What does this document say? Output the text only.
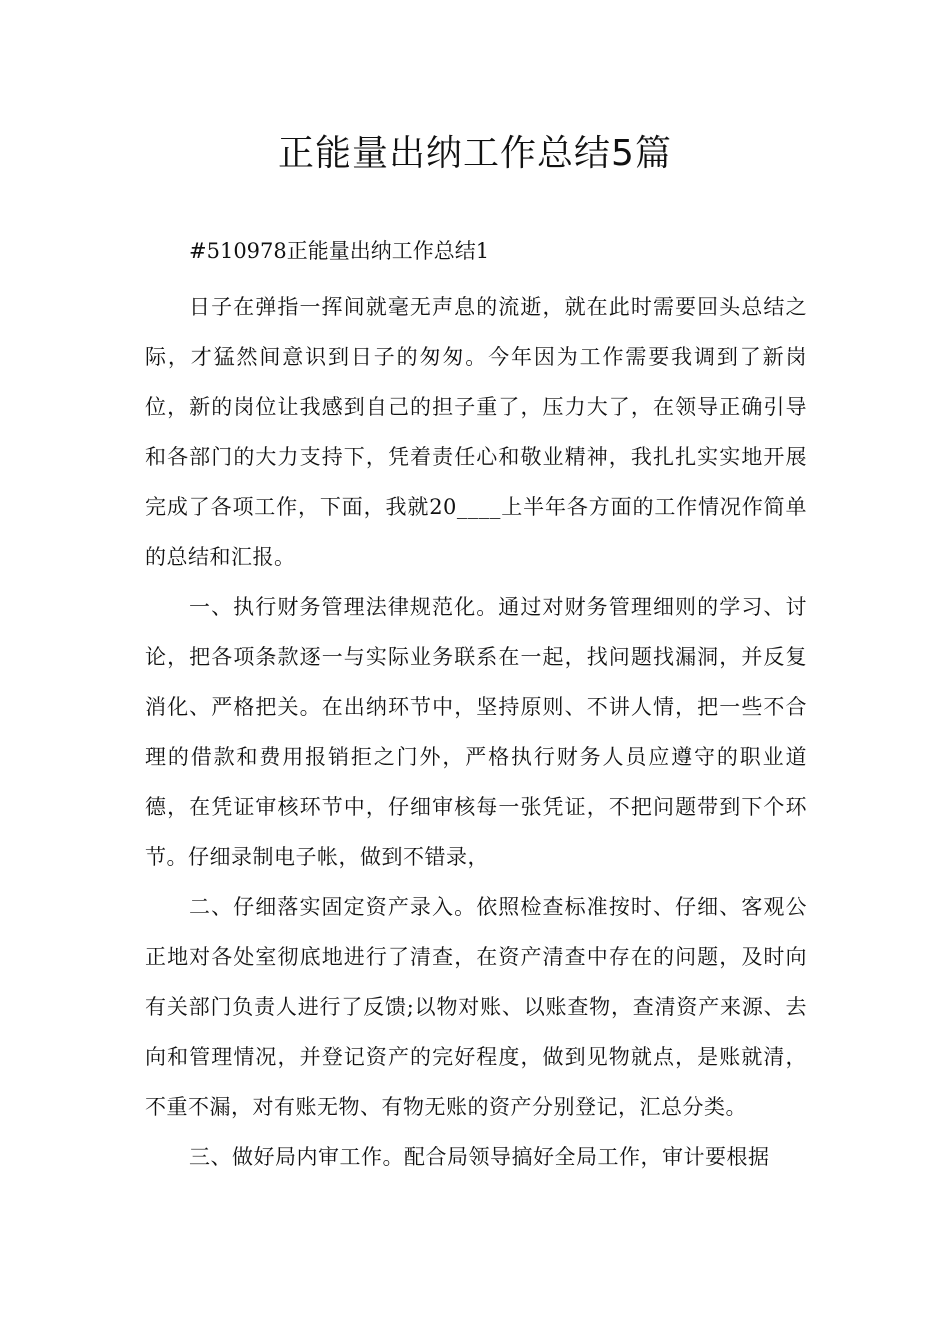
正能量出纳工作总结5篇

#510978正能量出纳工作总结1

日子在弹指一挥间就毫无声息的流逝，就在此时需要回头总结之际，才猛然间意识到日子的匆匆。今年因为工作需要我调到了新岗位，新的岗位让我感到自己的担子重了，压力大了，在领导正确引导和各部门的大力支持下，凭着责任心和敬业精神，我扎扎实实地开展完成了各项工作，下面，我就20____上半年各方面的工作情况作简单的总结和汇报。

一、执行财务管理法律规范化。通过对财务管理细则的学习、讨论，把各项条款逐一与实际业务联系在一起，找问题找漏洞，并反复消化、严格把关。在出纳环节中，坚持原则、不讲人情，把一些不合理的借款和费用报销拒之门外，严格执行财务人员应遵守的职业道德，在凭证审核环节中，仔细审核每一张凭证，不把问题带到下个环节。仔细录制电子帐，做到不错录，

二、仔细落实固定资产录入。依照检查标准按时、仔细、客观公正地对各处室彻底地进行了清查，在资产清查中存在的问题，及时向有关部门负责人进行了反馈;以物对账、以账查物，查清资产来源、去向和管理情况，并登记资产的完好程度，做到见物就点，是账就清，不重不漏，对有账无物、有物无账的资产分别登记，汇总分类。

三、做好局内审工作。配合局领导搞好全局工作，审计要根据
